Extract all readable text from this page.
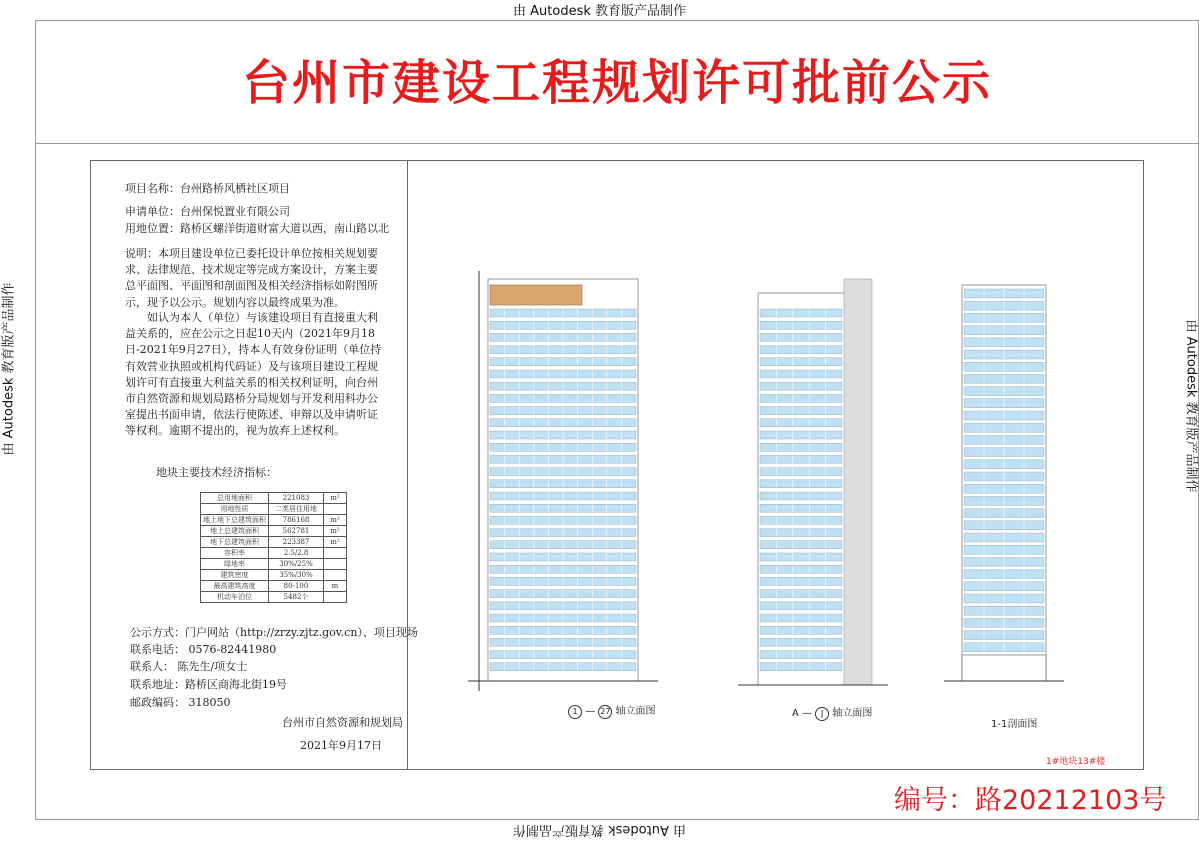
由 Autodesk 教育版产品制作
由 Autodesk 教育版产品制作
由 Autodesk 教育版产品制作	由 Autodesk 教育版产品制作
台州市建设工程规划许可批前公示
项目名称：台州路桥风栖社区项目
申请单位：台州保悦置业有限公司
用地位置：路桥区螺洋街道财富大道以西，南山路以北
说明：本项目建设单位已委托设计单位按相关规划要求、法律规范、技术规定等完成方案设计，方案主要总平面图、平面图和剖面图及相关经济指标如附图所示，现予以公示。规划内容以最终成果为准。
如认为本人（单位）与该建设项目有直接重大利益关系的，应在公示之日起10天内（2021年9月18日-2021年9月27日），持本人有效身份证明（单位持有效营业执照或机构代码证）及与该项目建设工程规划许可有直接重大利益关系的相关权利证明，向台州市自然资源和规划局路桥分局规划与开发利用科办公室提出书面申请，依法行使陈述、申辩以及申请听证等权利。逾期不提出的，视为放弃上述权利。
地块主要技术经济指标：
总用地面积	221083	m²
用地性质	二类居住用地	
地上地下总建筑面积	786168	m²
地上总建筑面积	562781	m²
地下总建筑面积	223387	m²
容积率	2.5/2.8	
绿地率	30%/25%	
建筑密度	35%/30%	
最高建筑高度	80-100	m
机动车泊位	5482个	
公示方式：门户网站（http://zrzy.zjtz.gov.cn）、项目现场
联系电话： 0576-82441980
联系人： 陈先生/项女士
联系地址：路桥区商海北街19号
邮政编码： 318050
台州市自然资源和规划局
2021年9月17日
1 — 27 轴立面图	A — J 轴立面图
1-1剖面图
1#地块13#楼
编号：路20212103号
